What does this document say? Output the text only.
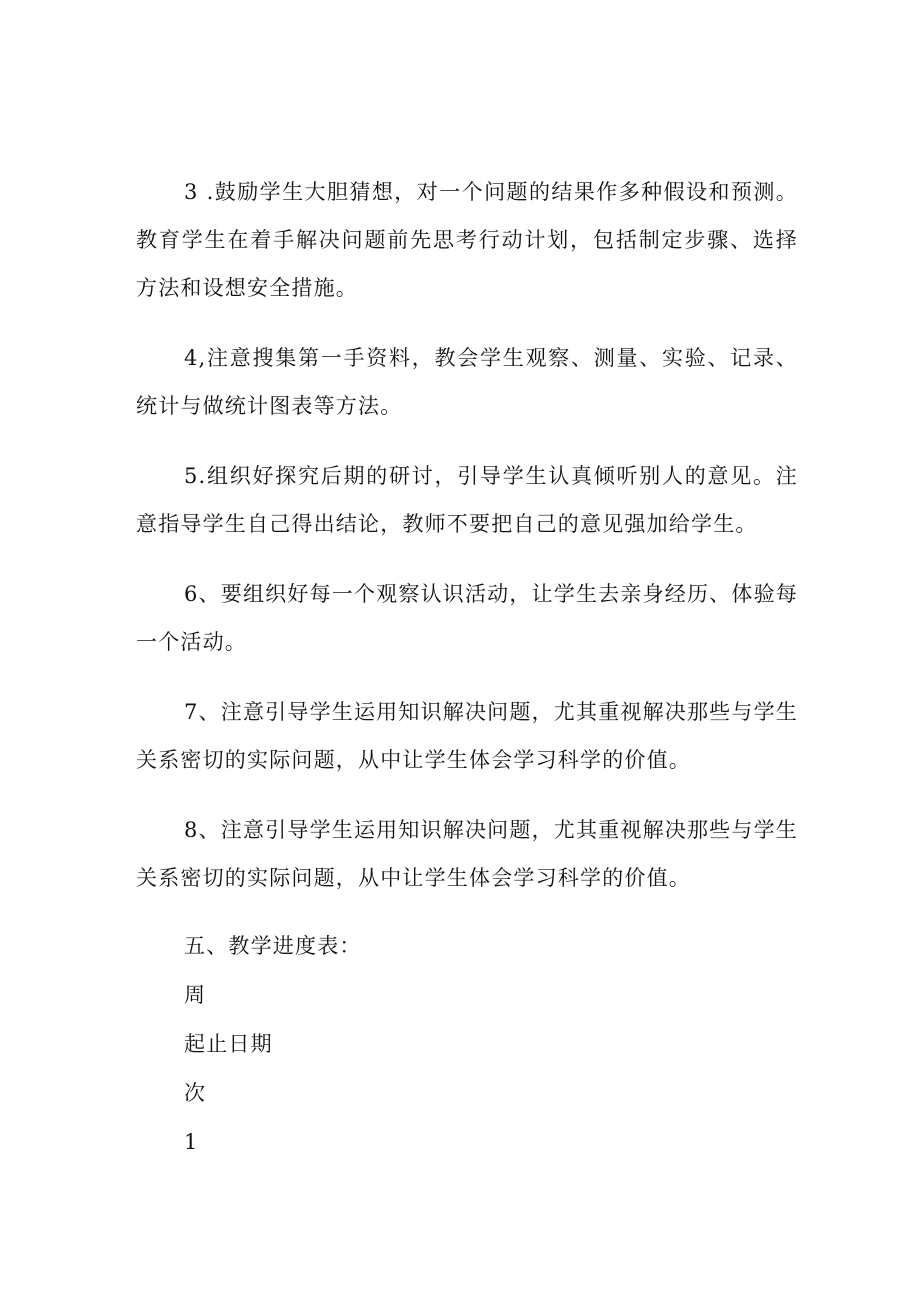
3 .鼓励学生大胆猜想，对一个问题的结果作多种假设和预测。教育学生在着手解决问题前先思考行动计划，包括制定步骤、选择方法和设想安全措施。

4,注意搜集第一手资料，教会学生观察、测量、实验、记录、统计与做统计图表等方法。

5.组织好探究后期的研讨，引导学生认真倾听别人的意见。注意指导学生自己得出结论，教师不要把自己的意见强加给学生。

6、要组织好每一个观察认识活动，让学生去亲身经历、体验每一个活动。

7、注意引导学生运用知识解决问题，尤其重视解决那些与学生关系密切的实际问题，从中让学生体会学习科学的价值。

8、注意引导学生运用知识解决问题，尤其重视解决那些与学生关系密切的实际问题，从中让学生体会学习科学的价值。

五、教学进度表：

周

起止日期

次

1
